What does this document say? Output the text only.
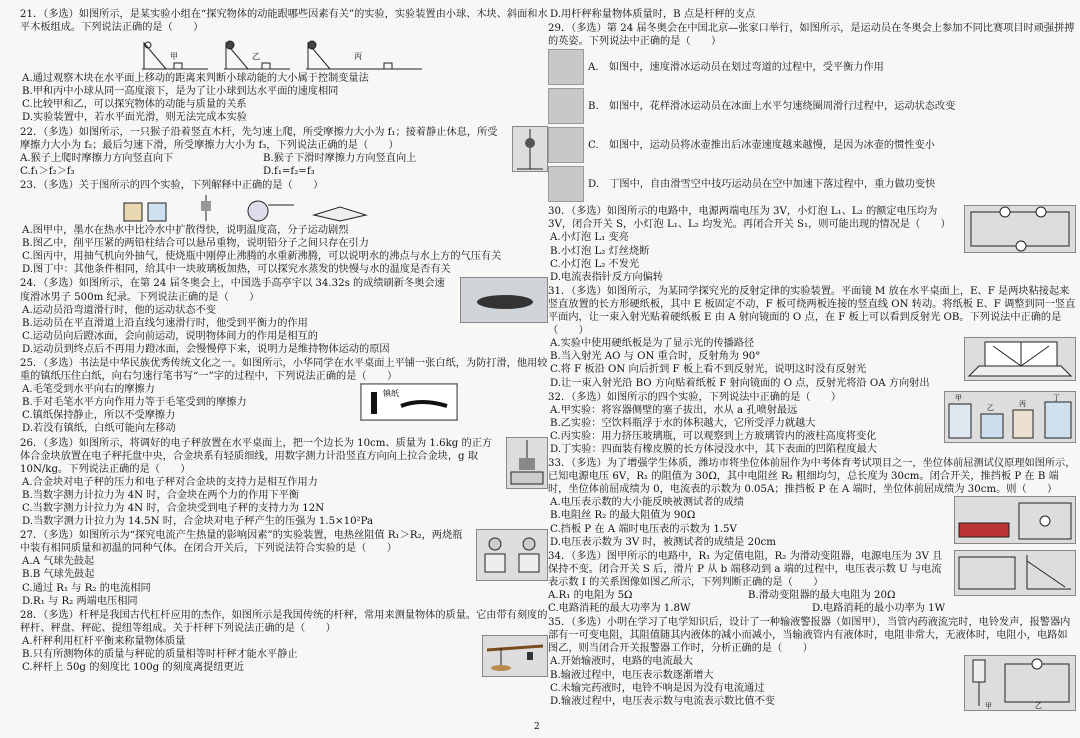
21．（多选）如图所示，是某实验小组在“探究物体的动能跟哪些因素有关”的实验，实验装置由小球、木块、斜面和水平木板组成。下列说法正确的是（　　）
甲	乙	丙
A.通过观察木块在水平面上移动的距离来判断小球动能的大小属于控制变量法
B.甲和丙中小球从同一高度滚下，是为了让小球到达水平面的速度相同
C.比较甲和乙，可以探究物体的动能与质量的关系
D.实验装置中，若水平面光滑，则无法完成本实验
22．（多选）如图所示，一只猴子沿着竖直木杆，先匀速上爬，所受摩擦力大小为 f₁；接着静止休息，所受摩擦力大小为 f₂；最后匀速下滑，所受摩擦力大小为 f₃，下列说法正确的是（　　）
A.猴子上爬时摩擦力方向竖直向下	B.猴子下滑时摩擦力方向竖直向上
C.f₁＞f₂＞f₃	D.f₁=f₂=f₃
23．（多选）关于图所示的四个实验，下列解释中正确的是（　　）
A.图甲中，墨水在热水中比冷水中扩散得快，说明温度高，分子运动剧烈
B.图乙中，削平压紧的两铅柱结合可以悬吊重物，说明铅分子之间只存在引力
C.图丙中，用抽气机向外抽气，使烧瓶中刚停止沸腾的水重新沸腾，可以说明水的沸点与水上方的气压有关
D.图丁中：其他条件相同，给其中一块玻璃板加热，可以探究水蒸发的快慢与水的温度是否有关
24．（多选）如图所示，在第 24 届冬奥会上，中国选手高亭宇以 34.32s 的成绩刷新冬奥会速度滑冰男子 500m 纪录。下列说法正确的是（　　）
A.运动员沿弯道滑行时，他的运动状态不变
B.运动员在平直滑道上沿直线匀速滑行时，他受到平衡力的作用
C.运动员向后蹬冰面，会向前运动，说明物体间力的作用是相互的
D.运动员到终点后不再用力蹬冰面，会慢慢停下来，说明力是维持物体运动的原因
25．（多选）书法是中华民族优秀传统文化之一。如图所示，小华同学在水平桌面上平铺一张白纸，为防打滑，他用较重的镇纸压住白纸，向右匀速行笔书写“一”字的过程中，下列说法正确的是（　　）
镇纸
A.毛笔受到水平向右的摩擦力
B.手对毛笔水平方向作用力等于毛笔受到的摩擦力
C.镇纸保持静止，所以不受摩擦力
D.若没有镇纸，白纸可能向左移动
26．（多选）如图所示，将调好的电子秤放置在水平桌面上，把一个边长为 10cm、质量为 1.6kg 的正方体合金块放置在电子秤托盘中央，合金块系有轻质细线，用数字测力计沿竖直方向向上拉合金块，g 取 10N/kg。下列说法正确的是（　　）
A.合金块对电子秤的压力和电子秤对合金块的支持力是相互作用力
B.当数字测力计拉力为 4N 时，合金块在两个力的作用下平衡
C.当数字测力计拉力为 4N 时，合金块受到电子秤的支持力为 12N
D.当数字测力计拉力为 14.5N 时，合金块对电子秤产生的压强为 1.5×10²Pa
27．（多选）如图所示为“探究电流产生热量的影响因素”的实验装置，电热丝阻值 R₁＞R₂，两烧瓶中装有相同质量和初温的同种气体。在闭合开关后，下列说法符合实验的是（　　）
A.A 气球先鼓起
B.B 气球先鼓起
C.通过 R₁ 与 R₂ 的电流相同
D.R₁ 与 R₂ 两端电压相同
28．（多选）杆秤是我国古代杠杆应用的杰作，如图所示是我国传统的杆秤，常用来测量物体的质量。它由带有刻度的秤杆、秤盘、秤砣、提纽等组成。关于杆秤下列说法正确的是（　　）
A.杆秤利用杠杆平衡来称量物体质量
B.只有所测物体的质量与秤砣的质量相等时杆秤才能水平静止
C.秤杆上 50g 的刻度比 100g 的刻度离提纽更近
D.用杆秤称量物体质量时，B 点是杆秤的支点
29．（多选）第 24 届冬奥会在中国北京—张家口举行，如图所示，是运动员在冬奥会上参加不同比赛项目时顽强拼搏的英姿。下列说法中正确的是（　　）
A.　如图中，速度滑冰运动员在划过弯道的过程中，受平衡力作用
B.　如图中，花样滑冰运动员在冰面上水平匀速绕圈周滑行过程中，运动状态改变
C.　如图中，运动员将冰壶推出后冰壶速度越来越慢，是因为冰壶的惯性变小
D.　丁图中，自由滑雪空中技巧运动员在空中加速下落过程中，重力做功变快
30．（多选）如图所示的电路中，电源两端电压为 3V，小灯泡 L₁、L₂ 的额定电压均为 3V，闭合开关 S，小灯泡 L₁、L₂ 均发光。再闭合开关 S₁，则可能出现的情况是（　　）
A.小灯泡 L₁ 变亮
B.小灯泡 L₂ 灯丝烧断
C.小灯泡 L₂ 不发光
D.电流表指针反方向偏转
31．（多选）如图所示，为某同学探究光的反射定律的实验装置。平面镜 M 放在水平桌面上，E、F 是两块粘接起来竖直放置的长方形硬纸板，其中 E 板固定不动，F 板可绕两板连接的竖直线 ON 转动。将纸板 E、F 调整到同一竖直平面内，让一束入射光贴着硬纸板 E 由 A 射向镜面的 O 点，在 F 板上可以看到反射光 OB。下列说法中正确的是（　　）
A.实验中使用硬纸板是为了显示光的传播路径
B.当入射光 AO 与 ON 重合时，反射角为 90°
C.将 F 板沿 ON 向后折到 F 板上看不到反射光，说明这时没有反射光
D.让一束入射光沿 BO 方向贴着纸板 F 射向镜面的 O 点，反射光将沿 OA 方向射出
甲
乙	丙
丁
32．（多选）如图所示的四个实验，下列说法中正确的是（　　）
A.甲实验：将容器侧壁的塞子拔出，水从 a 孔喷射最远
B.乙实验：空饮料瓶浮于水的体积越大，它所受浮力就越大
C.丙实验：用力挤压玻璃瓶，可以观察到上方玻璃管内的液柱高度将变化
D.丁实验：四面装有橡皮膜的长方体浸没水中，其下表面的凹陷程度最大
33．（多选）为了增强学生体质，潍坊市将坐位体前屈作为中考体育考试项目之一，坐位体前屈测试仪原理如图所示，已知电源电压 6V，R₁ 的阻值为 30Ω，其中电阻丝 R₂ 粗细均匀，总长度为 30cm。闭合开关，推挡板 P 在 B 端时，坐位体前屈成绩为 0，电流表的示数为 0.05A；推挡板 P 在 A 端时，坐位体前屈成绩为 30cm。则（　　）
A.电压表示数的大小能反映被测试者的成绩
B.电阻丝 R₂ 的最大阻值为 90Ω
C.挡板 P 在 A 端时电压表的示数为 1.5V
D.电压表示数为 3V 时，被测试者的成绩是 20cm
34．（多选）图甲所示的电路中，R₁ 为定值电阻，R₂ 为滑动变阻器，电源电压为 3V 且保持不变。闭合开关 S 后，滑片 P 从 b 端移动到 a 端的过程中，电压表示数 U 与电流表示数 I 的关系图像如图乙所示，下列判断正确的是（　　）
A.R₁ 的电阻为 5Ω	B.滑动变阻器的最大电阻为 20Ω
C.电路消耗的最大功率为 1.8W	D.电路消耗的最小功率为 1W
35．（多选）小明在学习了电学知识后，设计了一种输液警报器（如图甲），当管内药液流完时，电铃发声，报警器内部有一可变电阻，其阻值随其内液体的减小而减小，当输液管内有液体时，电阻非常大，无液体时，电阻小，电路如图乙，则当闭合开关报警器工作时，分析正确的是（　　）
甲	乙
A.开始输液时，电路的电流最大
B.输液过程中，电压表示数逐渐增大
C.未输完药液时，电铃不响是因为没有电流通过
D.输液过程中，电压表示数与电流表示数比值不变
2
